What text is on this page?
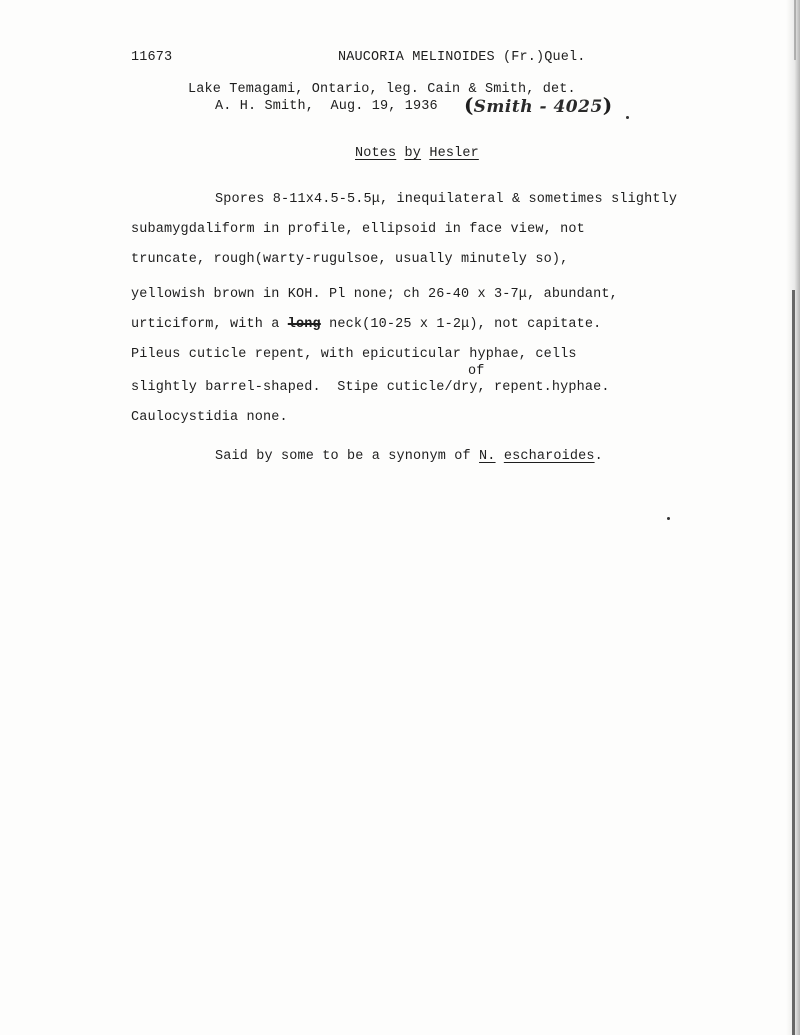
11673	NAUCORIA MELINOIDES (Fr.)Quel.
Lake Temagami, Ontario, leg. Cain & Smith, det.
A. H. Smith,  Aug. 19, 1936 (Smith - 4025)
Notes by Hesler
Spores 8-11x4.5-5.5μ, inequilateral & sometimes slightly
subamygdaliform in profile, ellipsoid in face view, not
truncate, rough(warty-rugulsoe, usually minutely so),
yellowish brown in KOH. Pl none; ch 26-40 x 3-7μ, abundant,
urticiform, with a long neck(10-25 x 1-2μ), not capitate.
Pileus cuticle repent, with epicuticular hyphae, cells
of
slightly barrel-shaped.  Stipe cuticle/dry, repent.hyphae.
Caulocystidia none.
Said by some to be a synonym of N. escharoides.
